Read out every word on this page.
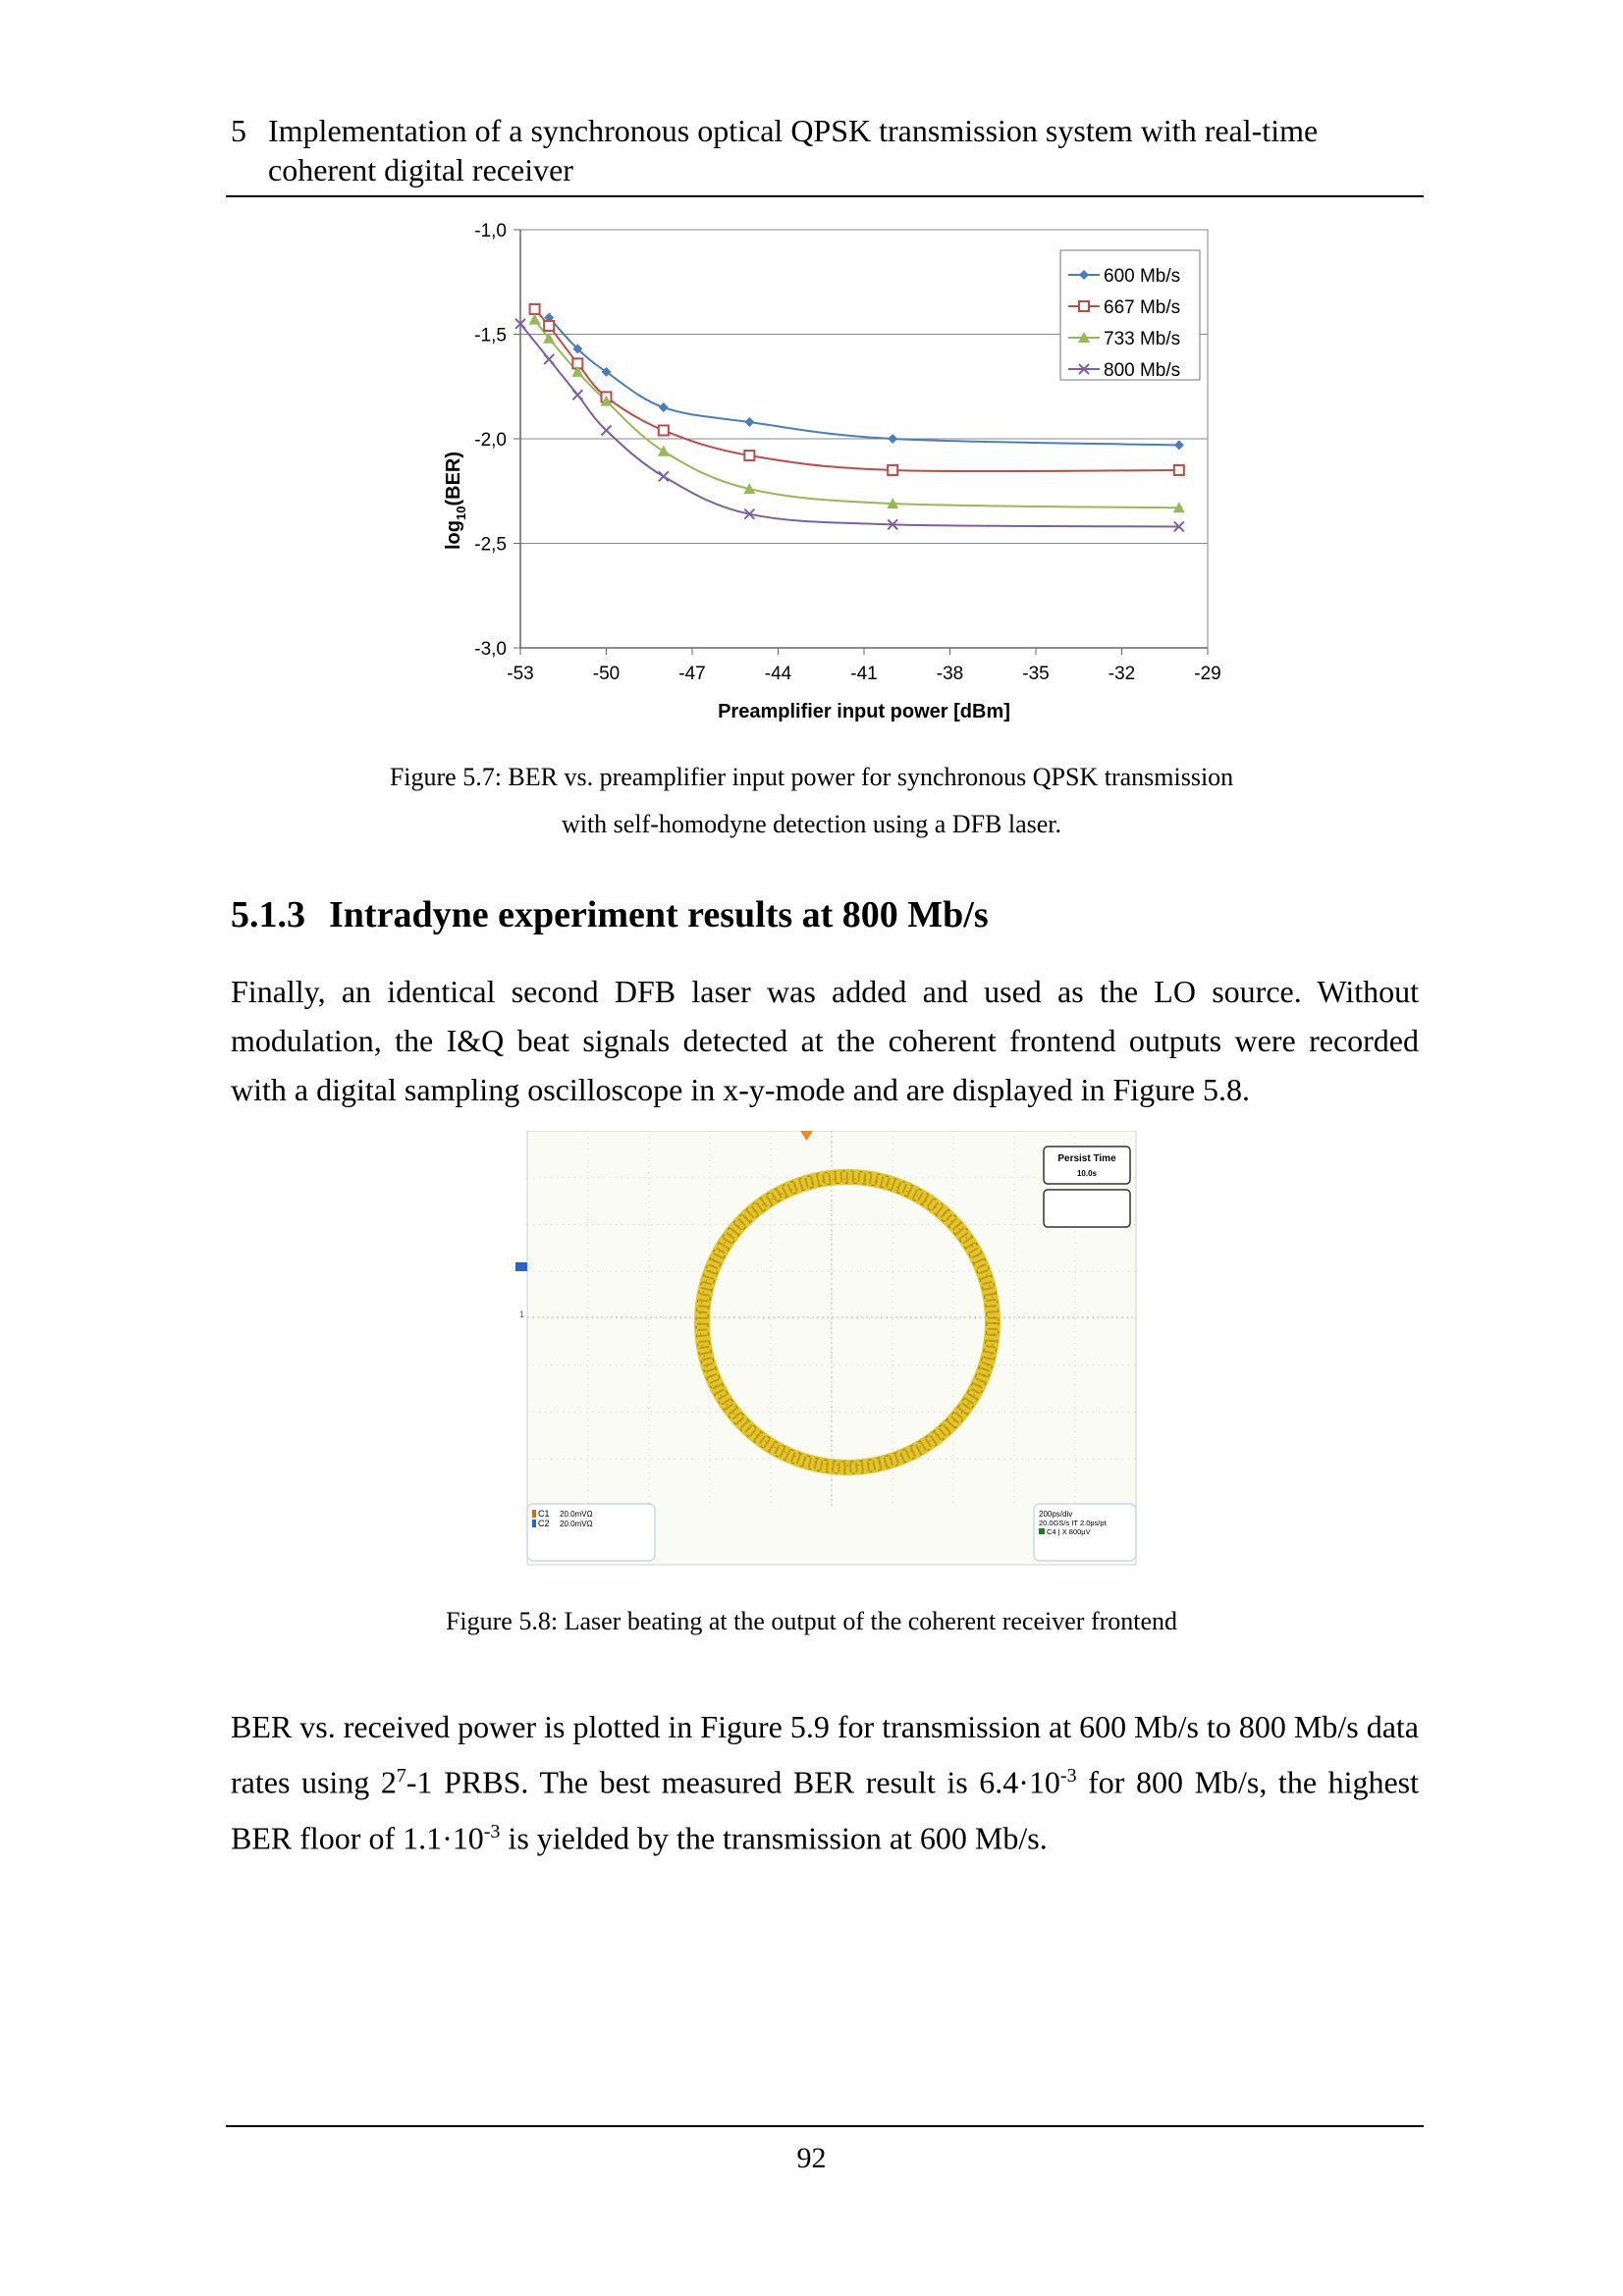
5 Implementation of a synchronous optical QPSK transmission system with real-time
coherent digital receiver
-1,0
-1,5
-2,0
-2,5
-3,0
-53	-50	-47	-44	-41	-38	-35	-32	-29
Preamplifier input power [dBm]
$\log_{10}(BER)$
600 Mb/s
667 Mb/s
733 Mb/s
800 Mb/s
Figure 5.7: BER vs. preamplifier input power for synchronous QPSK transmission
with self-homodyne detection using a DFB laser.
5.1.3 Intradyne experiment results at 800 Mb/s

Finally, an identical second DFB laser was added and used as the LO source. Without modulation, the I&Q beat signals detected at the coherent frontend outputs were recorded with a digital sampling oscilloscope in x-y-mode and are displayed in Figure 5.8.

1
Persist Time
10.0s
C1 20.0mVΩ
C2 20.0mVΩ
200ps/div
20.0GS/s IT 2.0ps/pt
C4 | X 800µV
Figure 5.8: Laser beating at the output of the coherent receiver frontend

BER vs. received power is plotted in Figure 5.9 for transmission at 600 Mb/s to 800 Mb/s data rates using $2^7-1$ PRBS. The best measured BER result is $6.4\cdot 10^{-3}$ for 800 Mb/s, the highest BER floor of $1.1\cdot 10^{-3}$ is yielded by the transmission at 600 Mb/s.

92
